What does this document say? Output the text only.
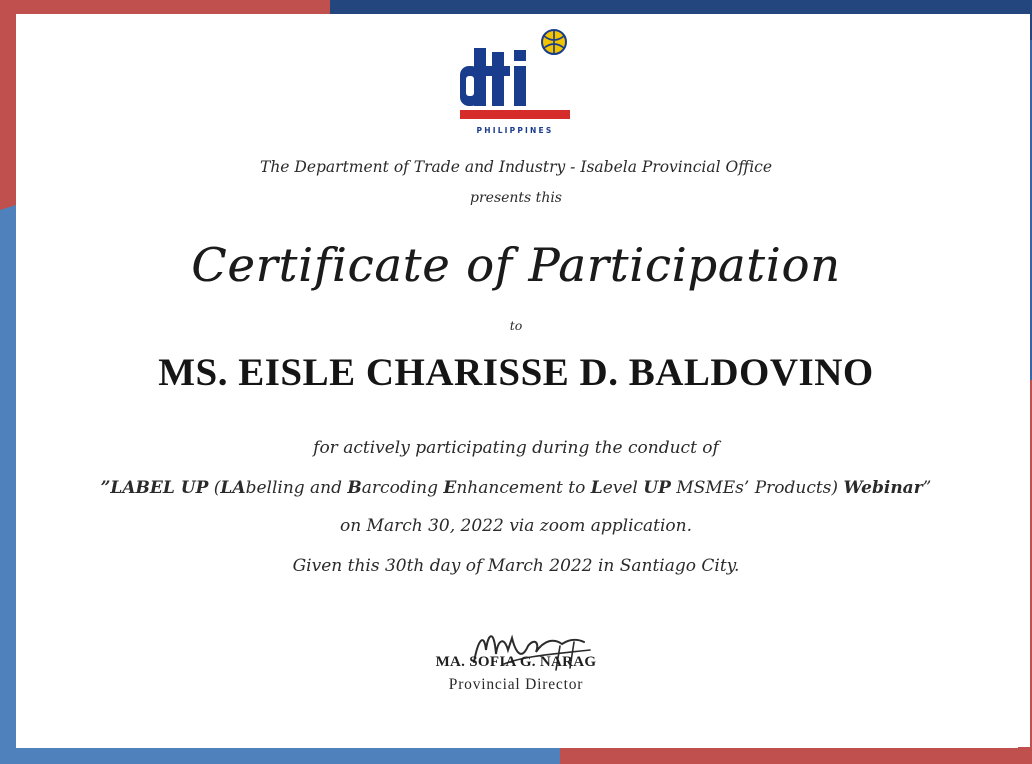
PHILIPPINES
The Department of Trade and Industry - Isabela Provincial Office
presents this
Certificate of Participation
to
MS. EISLE CHARISSE D. BALDOVINO
for actively participating during the conduct of
”LABEL UP (LAbelling and Barcoding Enhancement to Level UP MSMEs’ Products) Webinar”
on March 30, 2022 via zoom application.
Given this 30th day of March 2022 in Santiago City.
MA. SOFIA G. NARAG
Provincial Director
